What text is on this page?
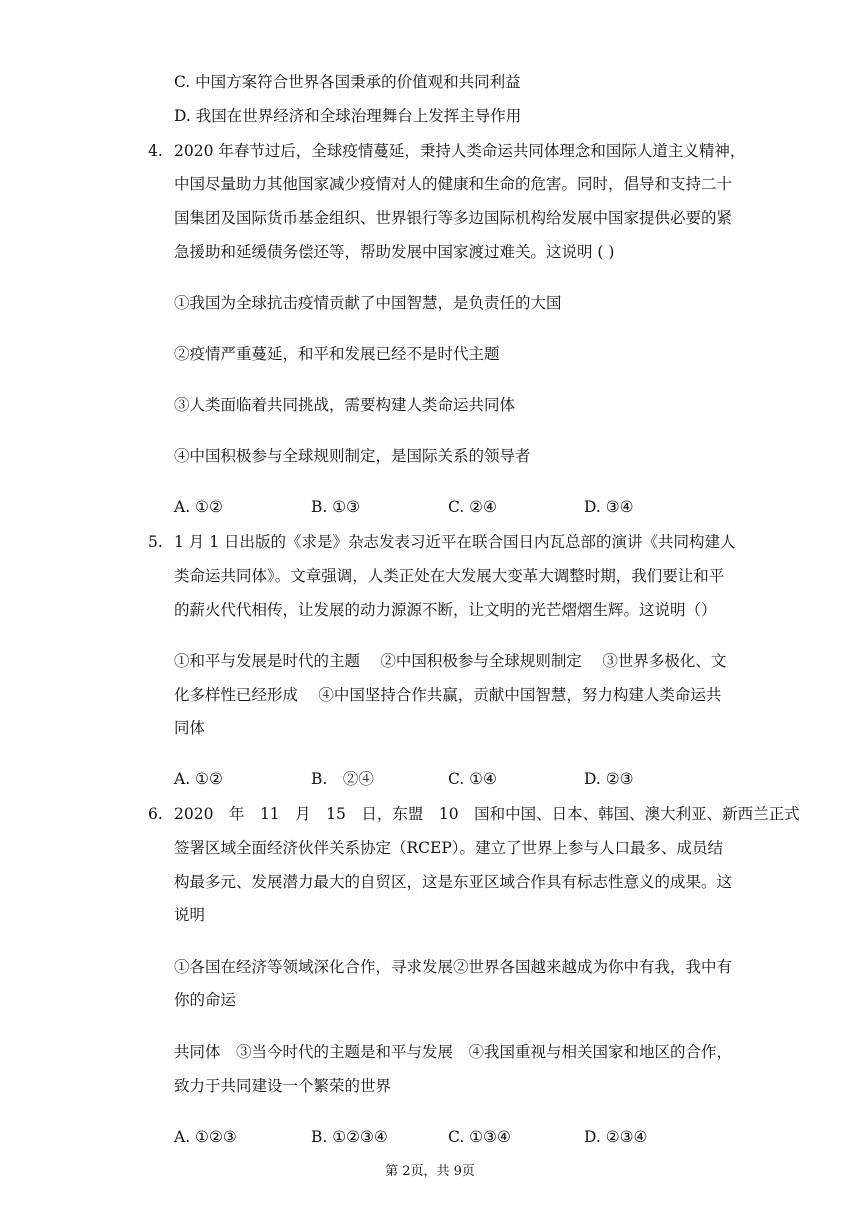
C. 中国方案符合世界各国秉承的价值观和共同利益
D. 我国在世界经济和全球治理舞台上发挥主导作用
4. 2020 年春节过后，全球疫情蔓延，秉持人类命运共同体理念和国际人道主义精神，
中国尽量助力其他国家减少疫情对人的健康和生命的危害。同时，倡导和支持二十
国集团及国际货币基金组织、世界银行等多边国际机构给发展中国家提供必要的紧
急援助和延缓债务偿还等，帮助发展中国家渡过难关。这说明 ( )
①我国为全球抗击疫情贡献了中国智慧，是负责任的大国
②疫情严重蔓延，和平和发展已经不是时代主题
③人类面临着共同挑战，需要构建人类命运共同体
④中国积极参与全球规则制定，是国际关系的领导者
A. ①②	B. ①③	C. ②④	D. ③④
5. 1 月 1 日出版的《求是》杂志发表习近平在联合国日内瓦总部的演讲《共同构建人
类命运共同体》。文章强调，人类正处在大发展大变革大调整时期，我们要让和平
的薪火代代相传，让发展的动力源源不断，让文明的光芒熠熠生辉。这说明（）
①和平与发展是时代的主题　 ②中国积极参与全球规则制定　 ③世界多极化、文
化多样性已经形成　 ④中国坚持合作共赢，贡献中国智慧，努力构建人类命运共
同体
A. ①②	B.　②④	C. ①④	D. ②③
6. 2020　年　11　月　15　日，东盟　10　国和中国、日本、韩国、澳大利亚、新西兰正式
签署区域全面经济伙伴关系协定（RCEP）。建立了世界上参与人口最多、成员结
构最多元、发展潜力最大的自贸区，这是东亚区域合作具有标志性意义的成果。这
说明
①各国在经济等领域深化合作，寻求发展②世界各国越来越成为你中有我，我中有
你的命运
共同体　③当今时代的主题是和平与发展　④我国重视与相关国家和地区的合作，
致力于共同建设一个繁荣的世界
A. ①②③	B. ①②③④	C. ①③④	D. ②③④
第 2页，共 9页
